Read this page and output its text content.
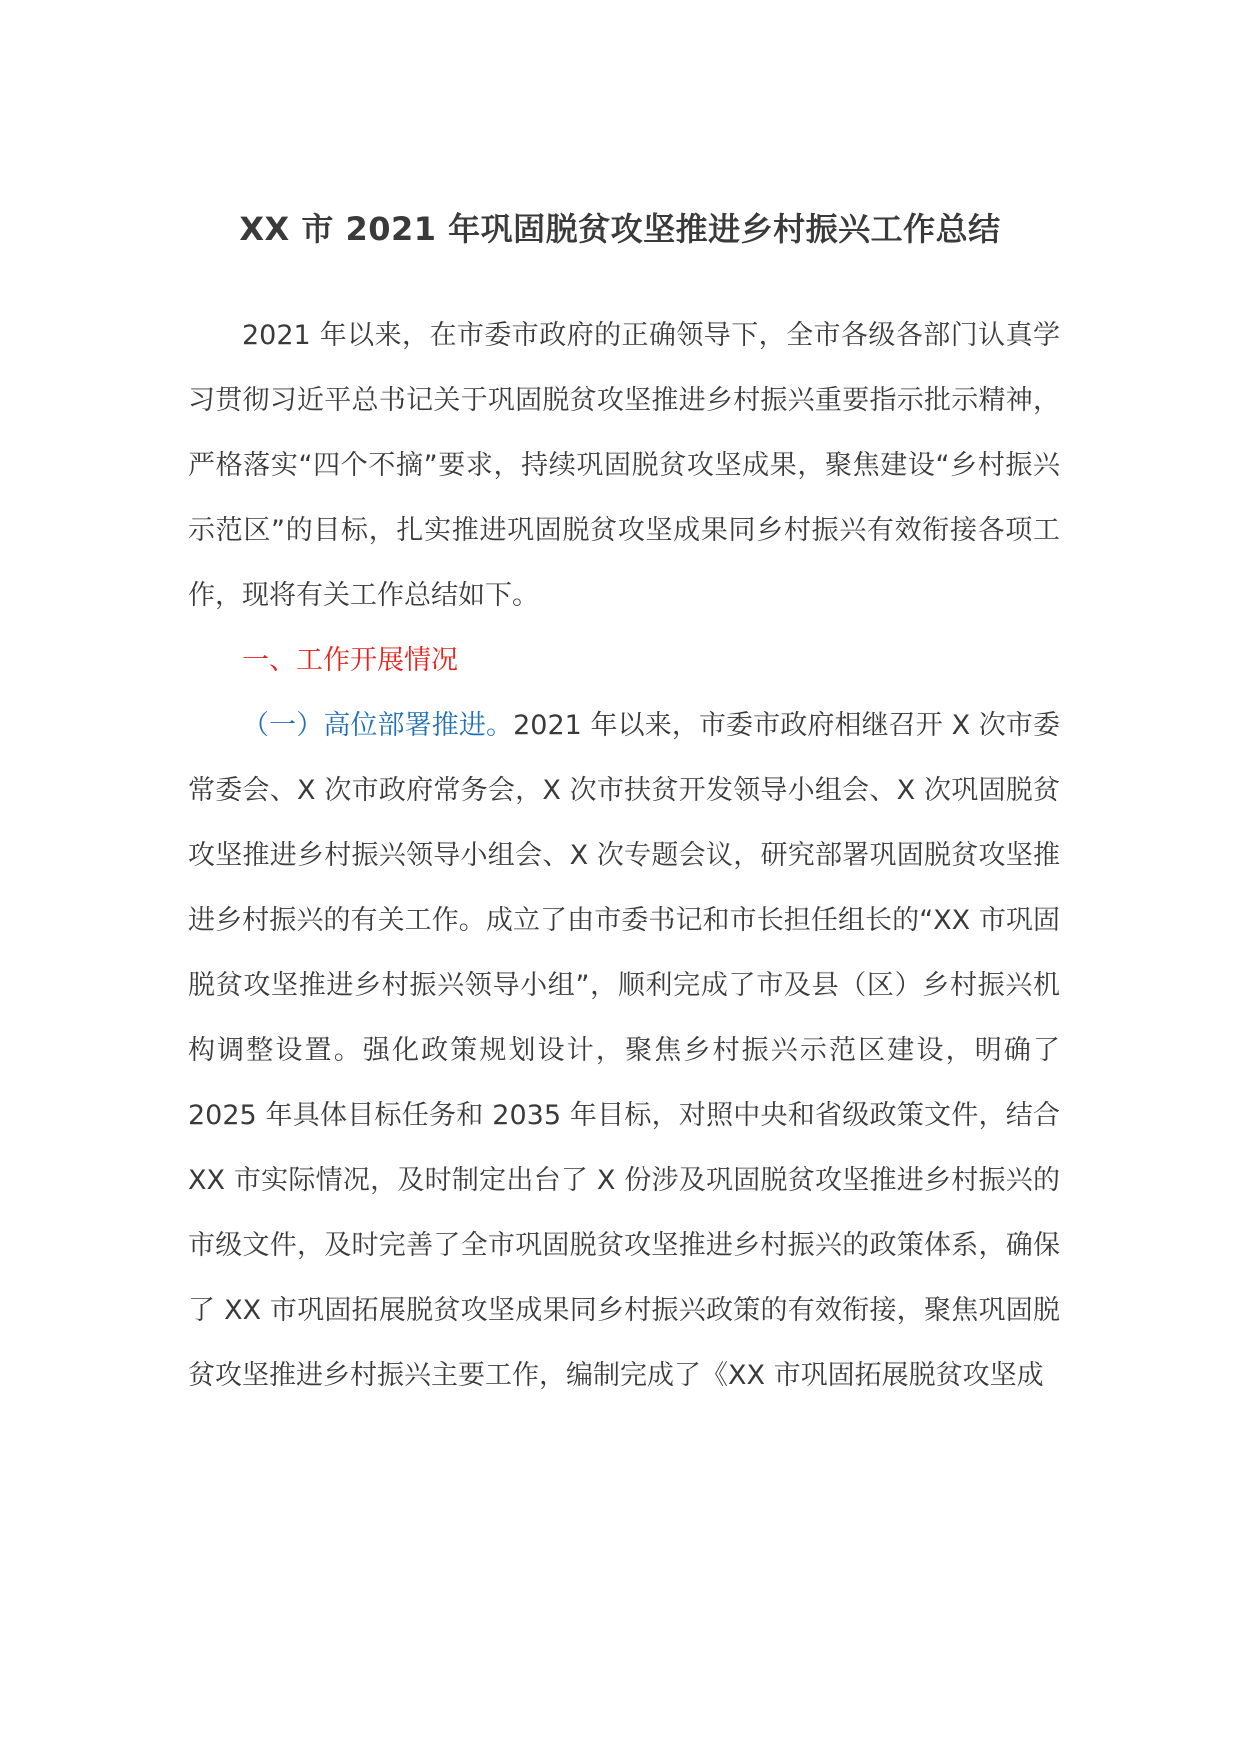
XX 市 2021 年巩固脱贫攻坚推进乡村振兴工作总结

2021 年以来，在市委市政府的正确领导下，全市各级各部门认真学习贯彻习近平总书记关于巩固脱贫攻坚推进乡村振兴重要指示批示精神，严格落实“四个不摘”要求，持续巩固脱贫攻坚成果，聚焦建设“乡村振兴示范区”的目标，扎实推进巩固脱贫攻坚成果同乡村振兴有效衔接各项工作，现将有关工作总结如下。

一、工作开展情况

（一）高位部署推进。2021 年以来，市委市政府相继召开 X 次市委常委会、X 次市政府常务会，X 次市扶贫开发领导小组会、X 次巩固脱贫攻坚推进乡村振兴领导小组会、X 次专题会议，研究部署巩固脱贫攻坚推进乡村振兴的有关工作。成立了由市委书记和市长担任组长的“XX 市巩固脱贫攻坚推进乡村振兴领导小组”，顺利完成了市及县（区）乡村振兴机构调整设置。强化政策规划设计，聚焦乡村振兴示范区建设，明确了 2025 年具体目标任务和 2035 年目标，对照中央和省级政策文件，结合 XX 市实际情况，及时制定出台了 X 份涉及巩固脱贫攻坚推进乡村振兴的市级文件，及时完善了全市巩固脱贫攻坚推进乡村振兴的政策体系，确保了 XX 市巩固拓展脱贫攻坚成果同乡村振兴政策的有效衔接，聚焦巩固脱贫攻坚推进乡村振兴主要工作，编制完成了《XX 市巩固拓展脱贫攻坚成
